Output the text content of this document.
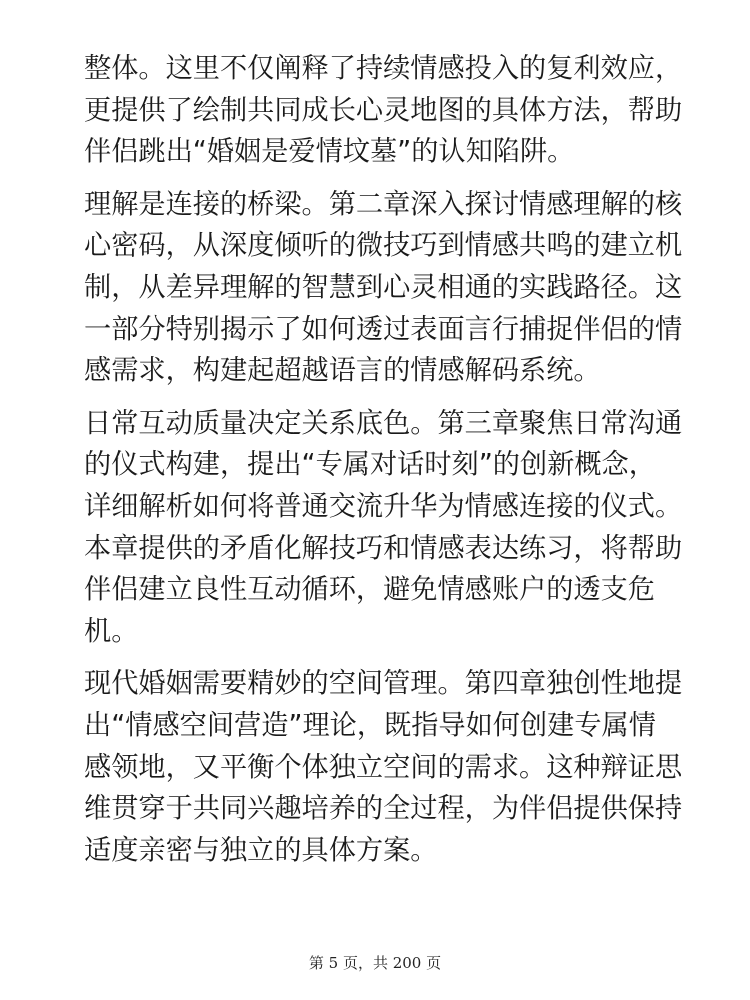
整体。这里不仅阐释了持续情感投入的复利效应，
更提供了绘制共同成长心灵地图的具体方法，帮助
伴侣跳出“婚姻是爱情坟墓”的认知陷阱。

理解是连接的桥梁。第二章深入探讨情感理解的核
心密码，从深度倾听的微技巧到情感共鸣的建立机
制，从差异理解的智慧到心灵相通的实践路径。这
一部分特别揭示了如何透过表面言行捕捉伴侣的情
感需求，构建起超越语言的情感解码系统。

日常互动质量决定关系底色。第三章聚焦日常沟通
的仪式构建，提出“专属对话时刻”的创新概念，
详细解析如何将普通交流升华为情感连接的仪式。
本章提供的矛盾化解技巧和情感表达练习，将帮助
伴侣建立良性互动循环，避免情感账户的透支危
机。

现代婚姻需要精妙的空间管理。第四章独创性地提
出“情感空间营造”理论，既指导如何创建专属情
感领地，又平衡个体独立空间的需求。这种辩证思
维贯穿于共同兴趣培养的全过程，为伴侣提供保持
适度亲密与独立的具体方案。

第 5 页，共 200 页
